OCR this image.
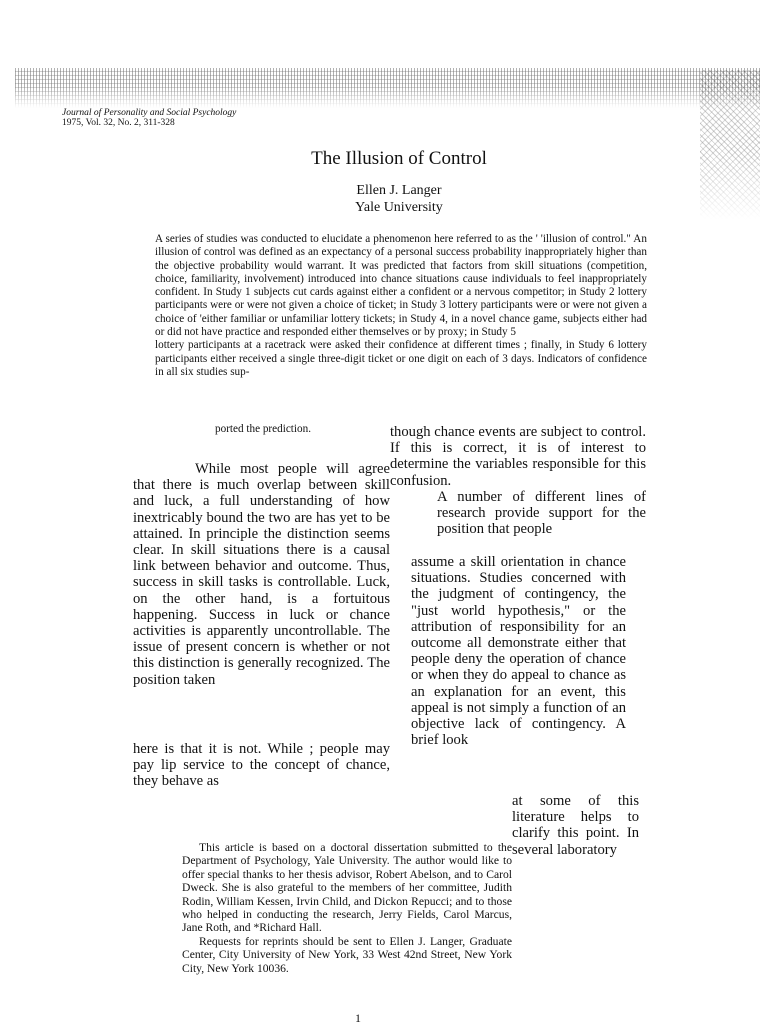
Journal of Personality and Social Psychology
1975, Vol. 32, No. 2, 311-328
The Illusion of Control
Ellen J. Langer
Yale University

A series of studies was conducted to elucidate a phenomenon here referred to as the ' 'illusion of control." An illusion of control was defined as an expectancy of a personal success probability inappropriately higher than the objective probability would warrant. It was predicted that factors from skill situations (competition, choice, familiarity, involvement) introduced into chance situations cause individuals to feel inappropriately confident. In Study 1 subjects cut cards against either a confident or a nervous competitor; in Study 2 lottery participants were or were not given a choice of ticket; in Study 3 lottery participants were or were not given a choice of 'either familiar or unfamiliar lottery tickets; in Study 4, in a novel chance game, subjects either had or did not have practice and responded either themselves or by proxy; in Study 5

lottery participants at a racetrack were asked their confidence at different times ; finally, in Study 6 lottery participants either received a single three-digit ticket or one digit on each of 3 days. Indicators of confidence in all six studies sup-

ported the prediction.

While most people will agree that there is much overlap between skill and luck, a full understanding of how inextricably bound the two are has yet to be attained. In principle the distinction seems clear. In skill situations there is a causal link between behavior and outcome. Thus, success in skill tasks is controllable. Luck, on the other hand, is a fortuitous happening. Success in luck or chance activities is apparently uncontrollable. The issue of present concern is whether or not this distinction is generally recognized. The position taken

here is that it is not. While ; people may pay lip service to the concept of chance, they behave as

though chance events are subject to control. If this is correct, it is of interest to determine the variables responsible for this confusion.

A number of different lines of research provide support for the position that people

assume a skill orientation in chance situations. Studies concerned with the judgment of contingency, the "just world hypothesis," or the attribution of responsibility for an outcome all demonstrate either that people deny the operation of chance or when they do appeal to chance as an explanation for an event, this appeal is not simply a function of an objective lack of contingency. A brief look

at some of this literature helps to clarify this point. In several laboratory

This article is based on a doctoral dissertation submitted to the Department of Psychology, Yale University. The author would like to offer special thanks to her thesis advisor, Robert Abelson, and to Carol Dweck. She is also grateful to the members of her committee, Judith Rodin, William Kessen, Irvin Child, and Dickon Repucci; and to those who helped in conducting the research, Jerry Fields, Carol Marcus, Jane Roth, and *Richard Hall.

Requests for reprints should be sent to Ellen J. Langer, Graduate Center, City University of New York, 33 West 42nd Street, New York City, New York 10036.

1
